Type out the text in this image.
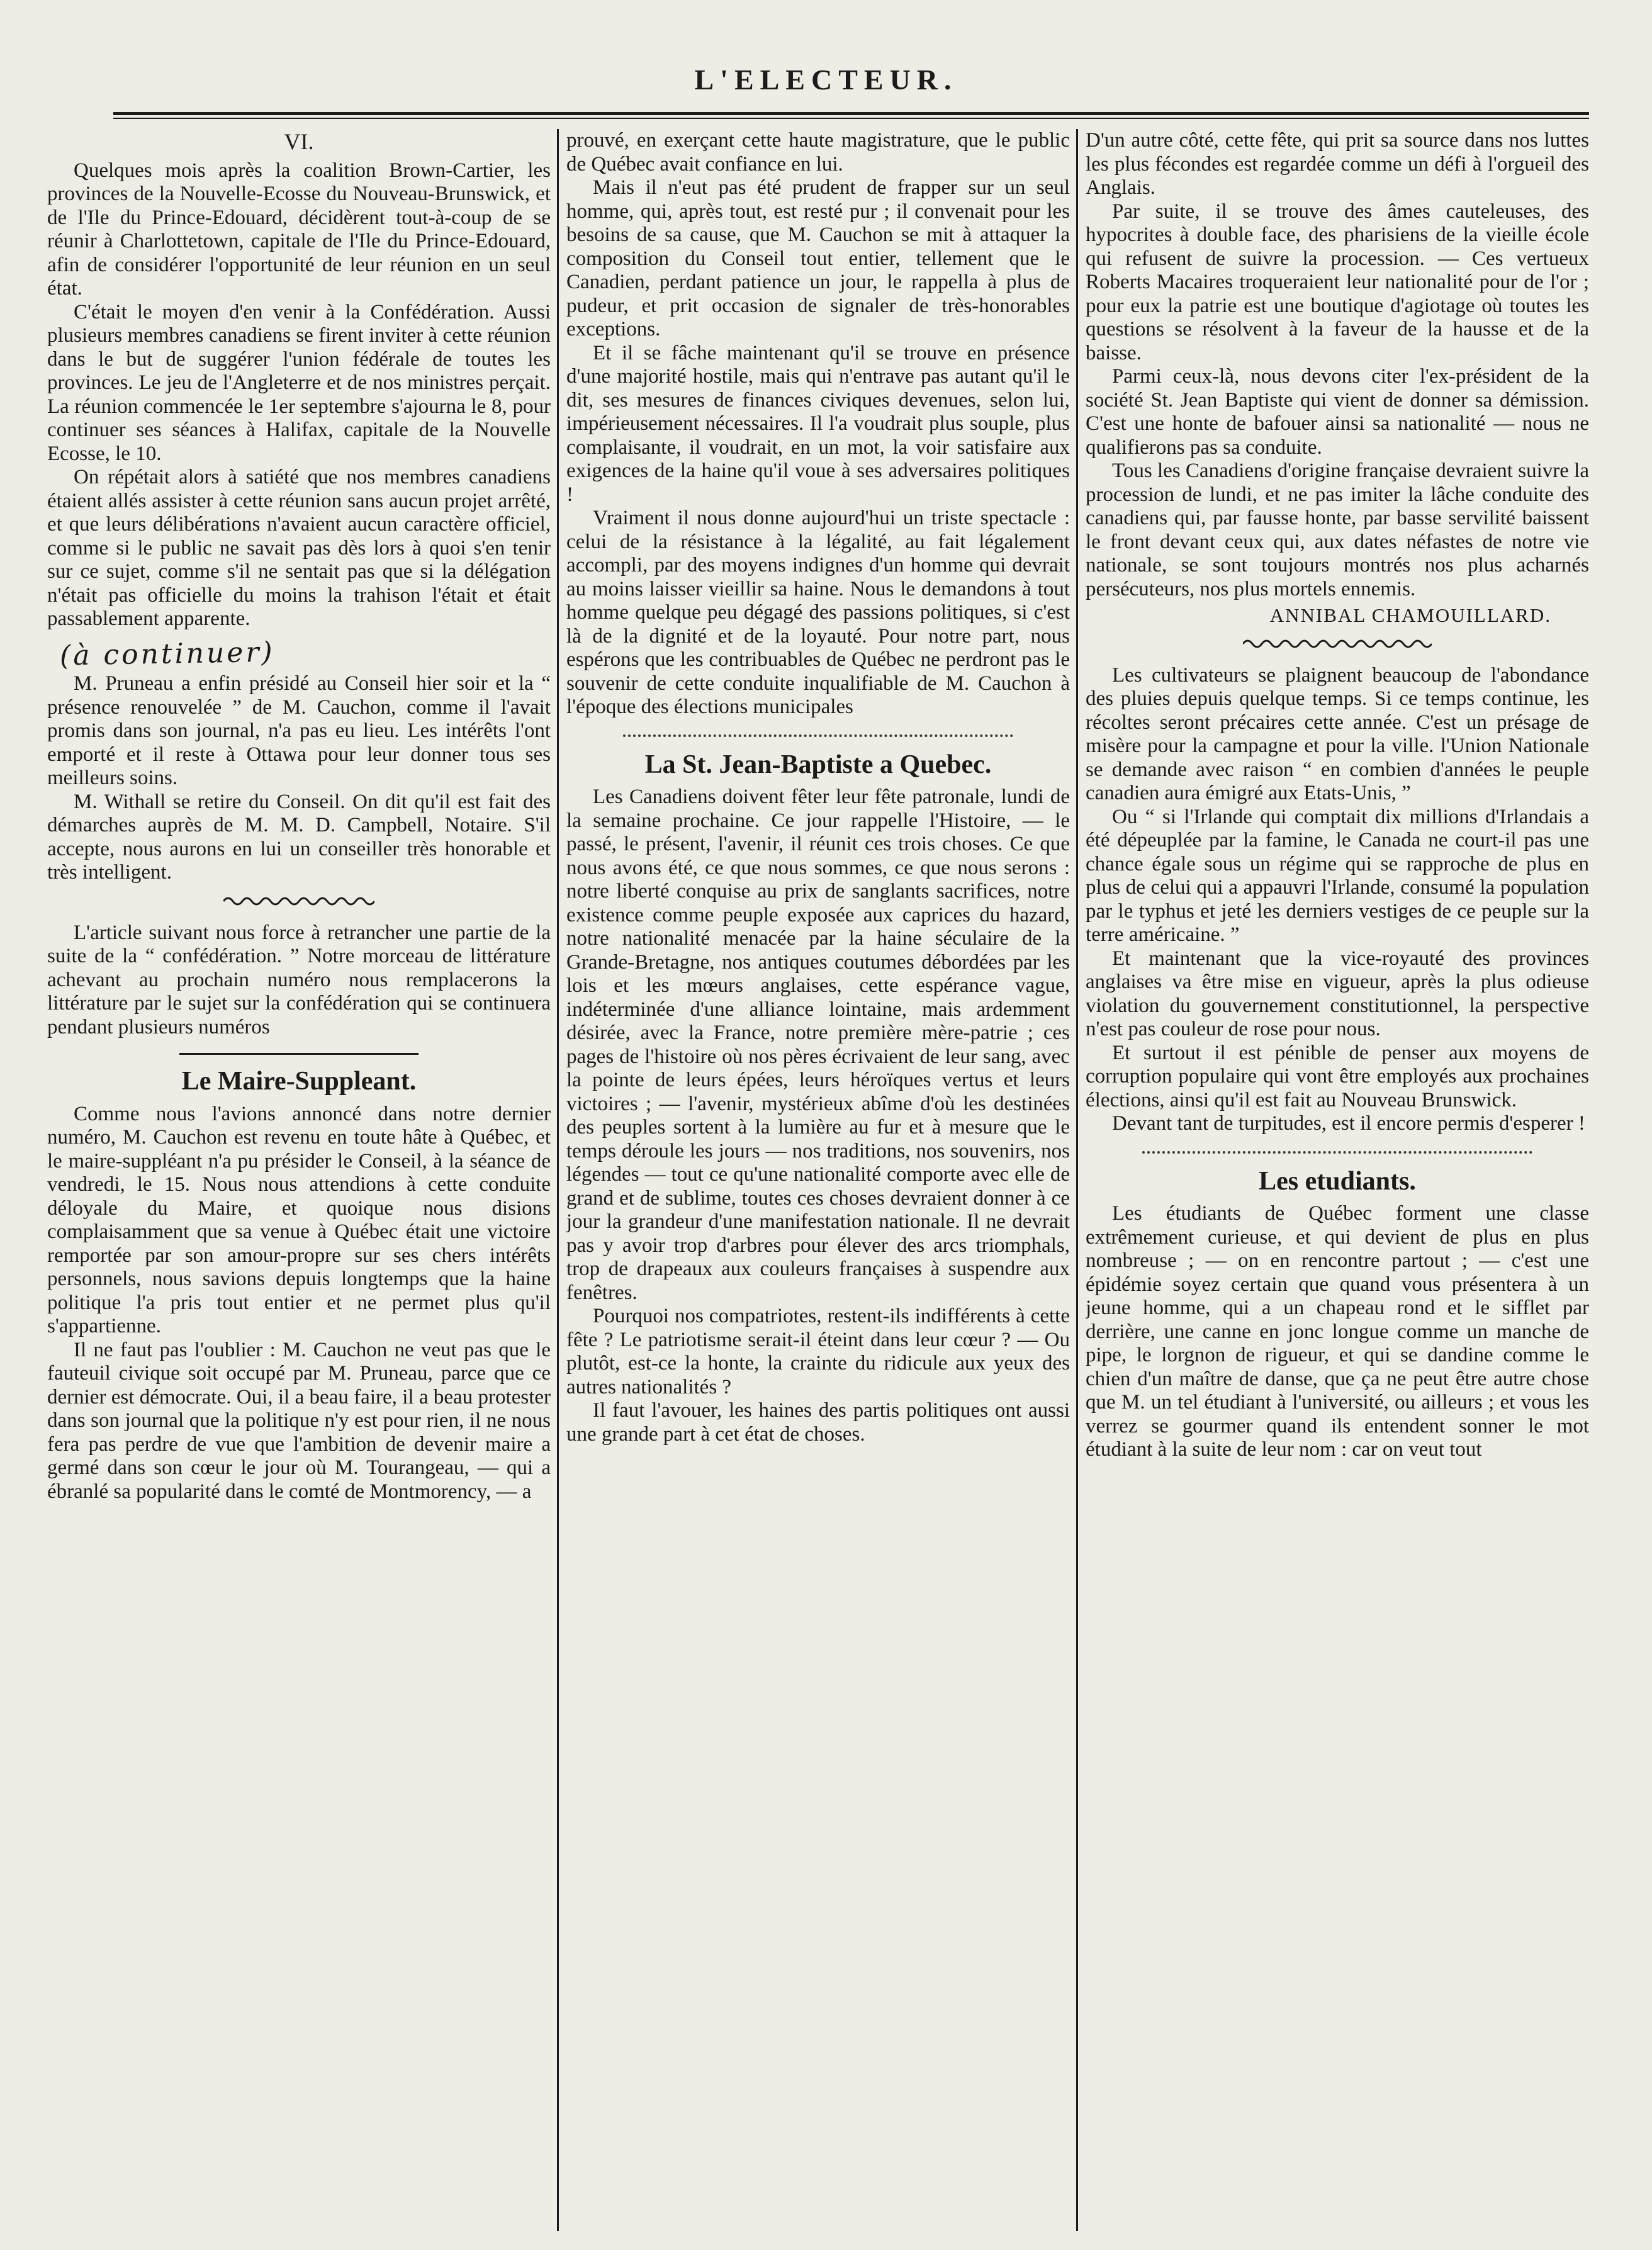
L'ELECTEUR.
VI.

Quelques mois après la coalition Brown-Cartier, les provinces de la Nouvelle-Ecosse du Nouveau-Brunswick, et de l'Ile du Prince-Edouard, décidèrent tout-à-coup de se réunir à Charlottetown, capitale de l'Ile du Prince-Edouard, afin de considérer l'opportunité de leur réunion en un seul état.

C'était le moyen d'en venir à la Confédération. Aussi plusieurs membres canadiens se firent inviter à cette réunion dans le but de suggérer l'union fédérale de toutes les provinces. Le jeu de l'Angleterre et de nos ministres perçait. La réunion commencée le 1er septembre s'ajourna le 8, pour continuer ses séances à Halifax, capitale de la Nouvelle Ecosse, le 10.

On répétait alors à satiété que nos membres canadiens étaient allés assister à cette réunion sans aucun projet arrêté, et que leurs délibérations n'avaient aucun caractère officiel, comme si le public ne savait pas dès lors à quoi s'en tenir sur ce sujet, comme s'il ne sentait pas que si la délégation n'était pas officielle du moins la trahison l'était et était passablement apparente.

(à continuer)

M. Pruneau a enfin présidé au Conseil hier soir et la “ présence renouvelée ” de M. Cauchon, comme il l'avait promis dans son journal, n'a pas eu lieu. Les intérêts l'ont emporté et il reste à Ottawa pour leur donner tous ses meilleurs soins.

M. Withall se retire du Conseil. On dit qu'il est fait des démarches auprès de M. M. D. Campbell, Notaire. S'il accepte, nous aurons en lui un conseiller très honorable et très intelligent.

L'article suivant nous force à retrancher une partie de la suite de la “ confédération. ” Notre morceau de littérature achevant au prochain numéro nous remplacerons la littérature par le sujet sur la confédération qui se continuera pendant plusieurs numéros

Le Maire-Suppleant.

Comme nous l'avions annoncé dans notre dernier numéro, M. Cauchon est revenu en toute hâte à Québec, et le maire-suppléant n'a pu présider le Conseil, à la séance de vendredi, le 15. Nous nous attendions à cette conduite déloyale du Maire, et quoique nous disions complaisamment que sa venue à Québec était une victoire remportée par son amour-propre sur ses chers intérêts personnels, nous savions depuis longtemps que la haine politique l'a pris tout entier et ne permet plus qu'il s'appartienne.

Il ne faut pas l'oublier : M. Cauchon ne veut pas que le fauteuil civique soit occupé par M. Pruneau, parce que ce dernier est démocrate. Oui, il a beau faire, il a beau protester dans son journal que la politique n'y est pour rien, il ne nous fera pas perdre de vue que l'ambition de devenir maire a germé dans son cœur le jour où M. Tourangeau, — qui a ébranlé sa popularité dans le comté de Montmorency, — a

prouvé, en exerçant cette haute magistrature, que le public de Québec avait confiance en lui.

Mais il n'eut pas été prudent de frapper sur un seul homme, qui, après tout, est resté pur ; il convenait pour les besoins de sa cause, que M. Cauchon se mit à attaquer la composition du Conseil tout entier, tellement que le Canadien, perdant patience un jour, le rappella à plus de pudeur, et prit occasion de signaler de très-honorables exceptions.

Et il se fâche maintenant qu'il se trouve en présence d'une majorité hostile, mais qui n'entrave pas autant qu'il le dit, ses mesures de finances civiques devenues, selon lui, impérieusement nécessaires. Il l'a voudrait plus souple, plus complaisante, il voudrait, en un mot, la voir satisfaire aux exigences de la haine qu'il voue à ses adversaires politiques !

Vraiment il nous donne aujourd'hui un triste spectacle : celui de la résistance à la légalité, au fait légalement accompli, par des moyens indignes d'un homme qui devrait au moins laisser vieillir sa haine. Nous le demandons à tout homme quelque peu dégagé des passions politiques, si c'est là de la dignité et de la loyauté. Pour notre part, nous espérons que les contribuables de Québec ne perdront pas le souvenir de cette conduite inqualifiable de M. Cauchon à l'époque des élections municipales

La St. Jean-Baptiste a Quebec.

Les Canadiens doivent fêter leur fête patronale, lundi de la semaine prochaine. Ce jour rappelle l'Histoire, — le passé, le présent, l'avenir, il réunit ces trois choses. Ce que nous avons été, ce que nous sommes, ce que nous serons : notre liberté conquise au prix de sanglants sacrifices, notre existence comme peuple exposée aux caprices du hazard, notre nationalité menacée par la haine séculaire de la Grande-Bretagne, nos antiques coutumes débordées par les lois et les mœurs anglaises, cette espérance vague, indéterminée d'une alliance lointaine, mais ardemment désirée, avec la France, notre première mère-patrie ; ces pages de l'histoire où nos pères écrivaient de leur sang, avec la pointe de leurs épées, leurs héroïques vertus et leurs victoires ; — l'avenir, mystérieux abîme d'où les destinées des peuples sortent à la lumière au fur et à mesure que le temps déroule les jours — nos traditions, nos souvenirs, nos légendes — tout ce qu'une nationalité comporte avec elle de grand et de sublime, toutes ces choses devraient donner à ce jour la grandeur d'une manifestation nationale. Il ne devrait pas y avoir trop d'arbres pour élever des arcs triomphals, trop de drapeaux aux couleurs françaises à suspendre aux fenêtres.

Pourquoi nos compatriotes, restent-ils indifférents à cette fête ? Le patriotisme serait-il éteint dans leur cœur ? — Ou plutôt, est-ce la honte, la crainte du ridicule aux yeux des autres nationalités ?

Il faut l'avouer, les haines des partis politiques ont aussi une grande part à cet état de choses.

D'un autre côté, cette fête, qui prit sa source dans nos luttes les plus fécondes est regardée comme un défi à l'orgueil des Anglais.

Par suite, il se trouve des âmes cauteleuses, des hypocrites à double face, des pharisiens de la vieille école qui refusent de suivre la procession. — Ces vertueux Roberts Macaires troqueraient leur nationalité pour de l'or ; pour eux la patrie est une boutique d'agiotage où toutes les questions se résolvent à la faveur de la hausse et de la baisse.

Parmi ceux-là, nous devons citer l'ex-président de la société St. Jean Baptiste qui vient de donner sa démission. C'est une honte de bafouer ainsi sa nationalité — nous ne qualifierons pas sa conduite.

Tous les Canadiens d'origine française devraient suivre la procession de lundi, et ne pas imiter la lâche conduite des canadiens qui, par fausse honte, par basse servilité baissent le front devant ceux qui, aux dates néfastes de notre vie nationale, se sont toujours montrés nos plus acharnés persécuteurs, nos plus mortels ennemis.

ANNIBAL CHAMOUILLARD.

Les cultivateurs se plaignent beaucoup de l'abondance des pluies depuis quelque temps. Si ce temps continue, les récoltes seront précaires cette année. C'est un présage de misère pour la campagne et pour la ville. l'Union Nationale se demande avec raison “ en combien d'années le peuple canadien aura émigré aux Etats-Unis, ”

Ou “ si l'Irlande qui comptait dix millions d'Irlandais a été dépeuplée par la famine, le Canada ne court-il pas une chance égale sous un régime qui se rapproche de plus en plus de celui qui a appauvri l'Irlande, consumé la population par le typhus et jeté les derniers vestiges de ce peuple sur la terre américaine. ”

Et maintenant que la vice-royauté des provinces anglaises va être mise en vigueur, après la plus odieuse violation du gouvernement constitutionnel, la perspective n'est pas couleur de rose pour nous.

Et surtout il est pénible de penser aux moyens de corruption populaire qui vont être employés aux prochaines élections, ainsi qu'il est fait au Nouveau Brunswick.

Devant tant de turpitudes, est il encore permis d'esperer !

Les etudiants.

Les étudiants de Québec forment une classe extrêmement curieuse, et qui devient de plus en plus nombreuse ; — on en rencontre partout ; — c'est une épidémie soyez certain que quand vous présentera à un jeune homme, qui a un chapeau rond et le sifflet par derrière, une canne en jonc longue comme un manche de pipe, le lorgnon de rigueur, et qui se dandine comme le chien d'un maître de danse, que ça ne peut être autre chose que M. un tel étudiant à l'université, ou ailleurs ; et vous les verrez se gourmer quand ils entendent sonner le mot étudiant à la suite de leur nom : car on veut tout
